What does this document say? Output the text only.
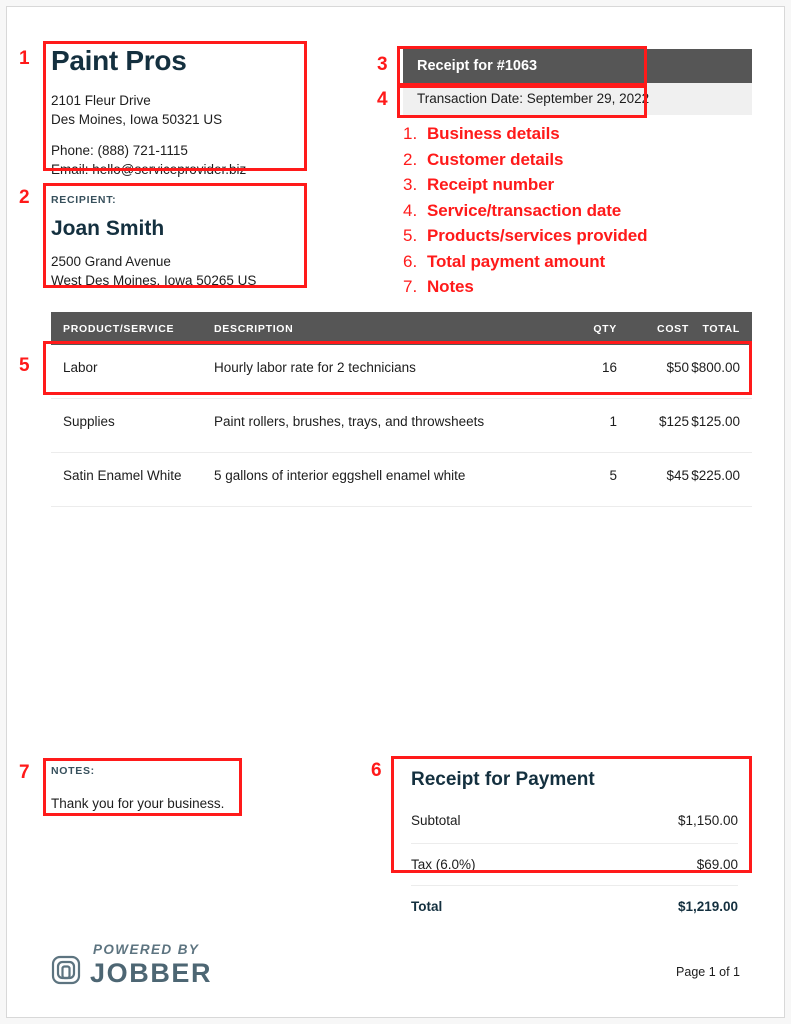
Paint Pros
2101 Fleur Drive
Des Moines, Iowa 50321 US
Phone: (888) 721-1115
Email: hello@serviceprovider.biz
RECIPIENT:
Joan Smith
2500 Grand Avenue
West Des Moines, Iowa 50265 US
Receipt for #1063
Transaction Date: September 29, 2022
1. Business details
2. Customer details
3. Receipt number
4. Service/transaction date
5. Products/services provided
6. Total payment amount
7. Notes
PRODUCT/SERVICE	DESCRIPTION	QTY	COST	TOTAL
Labor	Hourly labor rate for 2 technicians	16	$50 $800.00
Supplies	Paint rollers, brushes, trays, and throwsheets	1	$125 $125.00
Satin Enamel White	5 gallons of interior eggshell enamel white	5	$45 $225.00
NOTES:
Thank you for your business.
Receipt for Payment
Subtotal	$1,150.00
Tax (6.0%)	$69.00
Total	$1,219.00
POWERED BY
JOBBER	Page 1 of 1
1
2
3
4
5
6
7
